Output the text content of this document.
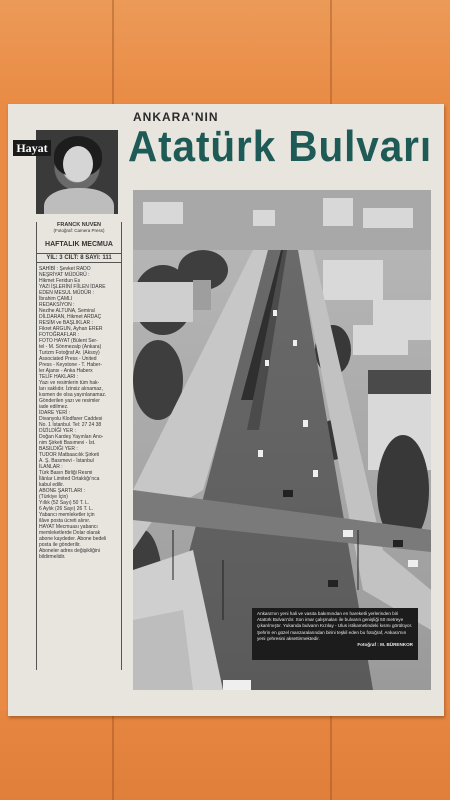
ANKARA'NIN
Atatürk Bulvarı
Hayat
FRANCK NUVEN
(Fotoğraf: Camera Press)
HAFTALIK MECMUA
YIL: 3 CİLT: 8 SAYI: 111
SAHİBİ : Şevket RADO
NEŞRİYAT MÜDÜRÜ :
Hikmet Feridun Es
YAZI İŞLERİNİ FİİLEN İDARE
EDEN MESUL MÜDÜR :
İbrahim ÇAMLI
REDAKSİYON :
Nezihe ALTUNA, Semiral
DİLDARAN, Hikmet ARDAÇ
RESİM ve BAŞLIKLAR :
Fikret ARGUN, Ayhan ERER
FOTOĞRAFLAR :
FOTO HAYAT (Bülent Ser-
tel - M. Sönmezalp (Ankara)
Turizm Fotoğraf Ar. (Aksoy)
Associated Press - United
Press - Keystone - T. Haber-
ler Ajansı - Anka Haberx
TELİF HAKLARI :
Yazı ve resimlerin tüm hak-
ları saklıdır. İzinsiz alınamaz,
kısmen de olsa yayınlanamaz.
Gönderilen yazı ve resimler
iade edilmez.
İDARE YERİ :
Divanyolu Klodfarer Caddesi
No. 1 İstanbul. Tel: 27 24 38
DİZİLDİĞİ YER :
Doğan Kardeş Yayınları Ano-
nim Şirketi Basımevi - İst.
BASILDIĞI YER :
TUDOR Matbaacılık Şirketi
A. Ş. Basımevi - İstanbul
İLANLAR :
Türk Basın Birliği Resmi
İlânlar Limited Ortaklığı'nca
kabul edilir.
ABONE ŞARTLARI :
(Türkiye İçin)
Yıllık (52 Sayı) 50 T. L.
6 Aylık (26 Sayı) 26 T. L.
Yabancı memleketler için
ilâve posta ücreti alınır.
HAYAT Mecmuası yabancı
memleketlerde Dolar olarak
abone kaydeder. Abone bedeli
posta ile gönderilir.
Aboneler adres değişikliğini
bildirmelidir.
Ankara'nın yeni hali ve vasıta bakımından en hareketli yerlerinden biri Atatürk Bulvarı'dır. Son imar çalışmaları ile bulvarın genişliği 50 metreye çıkarılmıştır. Yukarıda bulvarın Kızılay - Ulus istikametindeki kısmı görülüyor. Şehrin en güzel manzaralarından birini teşkil eden bu fotoğraf, Ankara'nın yeni çehresini aksettirmektedir.
Fotoğraf : M. BÜRENKOR
